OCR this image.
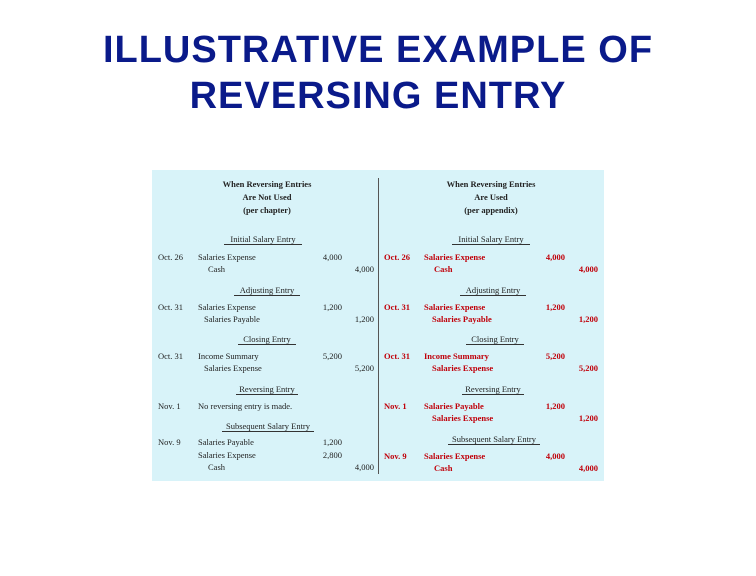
ILLUSTRATIVE EXAMPLE OF
REVERSING ENTRY
When Reversing Entries
Are Not Used
(per chapter)
When Reversing Entries
Are Used
(per appendix)
Initial Salary Entry
Oct. 26 Salaries Expense	4,000
Cash	4,000
Adjusting Entry
Oct. 31 Salaries Expense	1,200
Salaries Payable	1,200
Closing Entry
Oct. 31 Income Summary	5,200
Salaries Expense	5,200
Reversing Entry
Nov. 1 No reversing entry is made.
Subsequent Salary Entry
Nov. 9 Salaries Payable	1,200
Salaries Expense	2,800
Cash	4,000
Initial Salary Entry
Oct. 26 Salaries Expense	4,000
Cash	4,000
Adjusting Entry
Oct. 31 Salaries Expense	1,200
Salaries Payable	1,200
Closing Entry
Oct. 31 Income Summary	5,200
Salaries Expense	5,200
Reversing Entry
Nov. 1 Salaries Payable	1,200
Salaries Expense	1,200
Subsequent Salary Entry
Nov. 9 Salaries Expense	4,000
Cash	4,000
